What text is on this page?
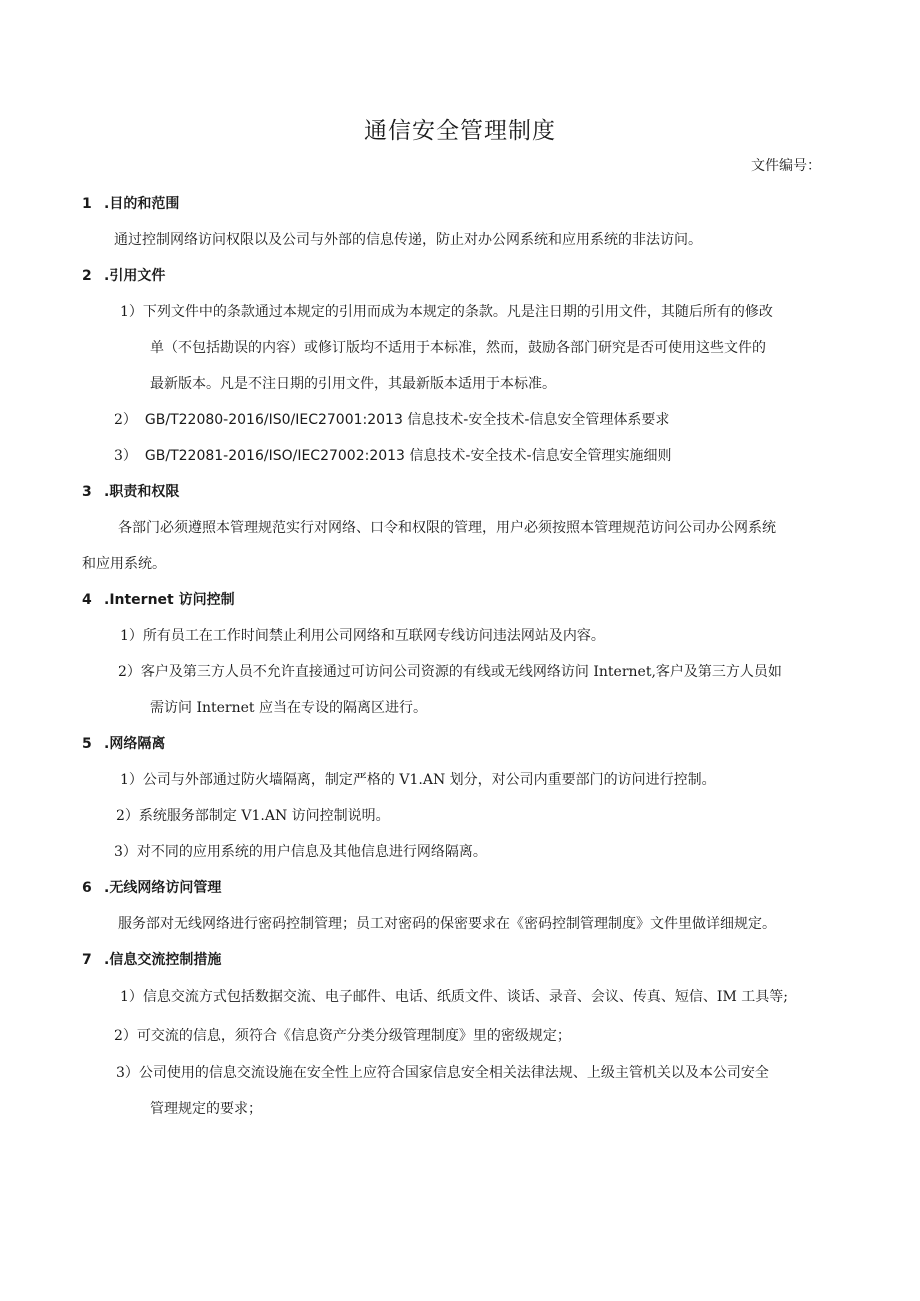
通信安全管理制度
文件编号：
1 .目的和范围
通过控制网络访问权限以及公司与外部的信息传递，防止对办公网系统和应用系统的非法访问。
2 .引用文件
1）下列文件中的条款通过本规定的引用而成为本规定的条款。凡是注日期的引用文件，其随后所有的修改
单（不包括勘误的内容）或修订版均不适用于本标准，然而，鼓励各部门研究是否可使用这些文件的
最新版本。凡是不注日期的引用文件，其最新版本适用于本标准。
2） GB/T22080-2016/IS0/IEC27001:2013 信息技术-安全技术-信息安全管理体系要求
3） GB/T22081-2016/ISO/IEC27002:2013 信息技术-安全技术-信息安全管理实施细则
3 .职责和权限
各部门必须遵照本管理规范实行对网络、口令和权限的管理，用户必须按照本管理规范访问公司办公网系统
和应用系统。
4 .Internet 访问控制
1）所有员工在工作时间禁止利用公司网络和互联网专线访问违法网站及内容。
2）客户及第三方人员不允许直接通过可访问公司资源的有线或无线网络访问 Internet,客户及第三方人员如
需访问 Internet 应当在专设的隔离区进行。
5 .网络隔离
1）公司与外部通过防火墙隔离，制定严格的 V1.AN 划分，对公司内重要部门的访问进行控制。
2）系统服务部制定 V1.AN 访问控制说明。
3）对不同的应用系统的用户信息及其他信息进行网络隔离。
6 .无线网络访问管理
服务部对无线网络进行密码控制管理；员工对密码的保密要求在《密码控制管理制度》文件里做详细规定。
7 .信息交流控制措施
1）信息交流方式包括数据交流、电子邮件、电话、纸质文件、谈话、录音、会议、传真、短信、IM 工具等;
2）可交流的信息，须符合《信息资产分类分级管理制度》里的密级规定；
3）公司使用的信息交流设施在安全性上应符合国家信息安全相关法律法规、上级主管机关以及本公司安全
管理规定的要求；
